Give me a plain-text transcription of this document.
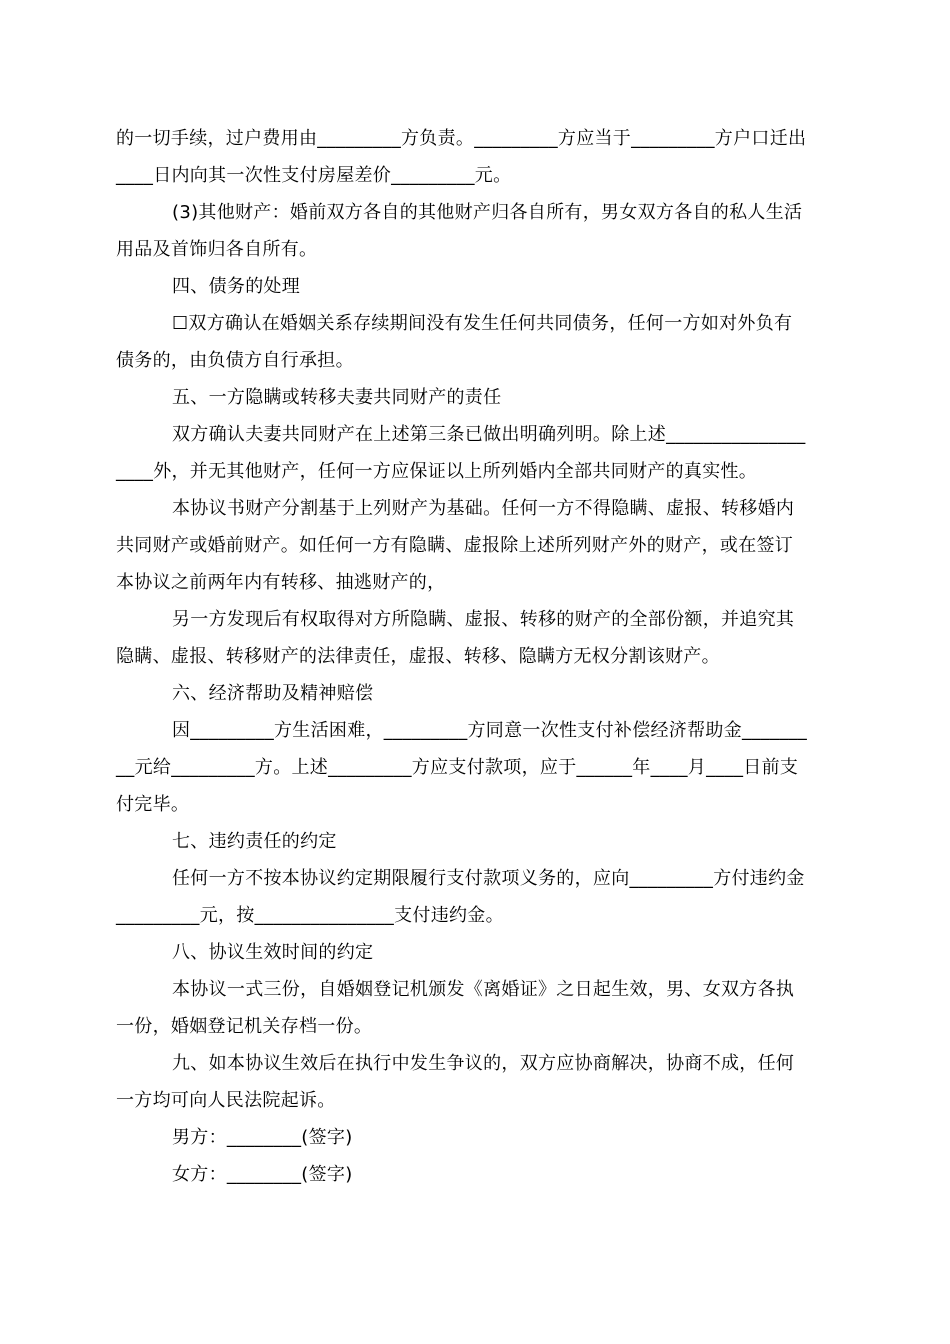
的一切手续，过户费用由_________方负责。_________方应当于_________方户口迁出
____日内向其一次性支付房屋差价_________元。
(3)其他财产：婚前双方各自的其他财产归各自所有，男女双方各自的私人生活
用品及首饰归各自所有。
四、债务的处理
☐双方确认在婚姻关系存续期间没有发生任何共同债务，任何一方如对外负有
债务的，由负债方自行承担。
五、一方隐瞒或转移夫妻共同财产的责任
双方确认夫妻共同财产在上述第三条已做出明确列明。除上述_______________
____外，并无其他财产，任何一方应保证以上所列婚内全部共同财产的真实性。
本协议书财产分割基于上列财产为基础。任何一方不得隐瞒、虚报、转移婚内
共同财产或婚前财产。如任何一方有隐瞒、虚报除上述所列财产外的财产，或在签订
本协议之前两年内有转移、抽逃财产的，
另一方发现后有权取得对方所隐瞒、虚报、转移的财产的全部份额，并追究其
隐瞒、虚报、转移财产的法律责任，虚报、转移、隐瞒方无权分割该财产。
六、经济帮助及精神赔偿
因_________方生活困难，_________方同意一次性支付补偿经济帮助金_______
__元给_________方。上述_________方应支付款项，应于______年____月____日前支
付完毕。
七、违约责任的约定
任何一方不按本协议约定期限履行支付款项义务的，应向_________方付违约金
_________元，按_______________支付违约金。
八、协议生效时间的约定
本协议一式三份，自婚姻登记机颁发《离婚证》之日起生效，男、女双方各执
一份，婚姻登记机关存档一份。
九、如本协议生效后在执行中发生争议的，双方应协商解决，协商不成，任何
一方均可向人民法院起诉。
男方：________(签字)
女方：________(签字)
